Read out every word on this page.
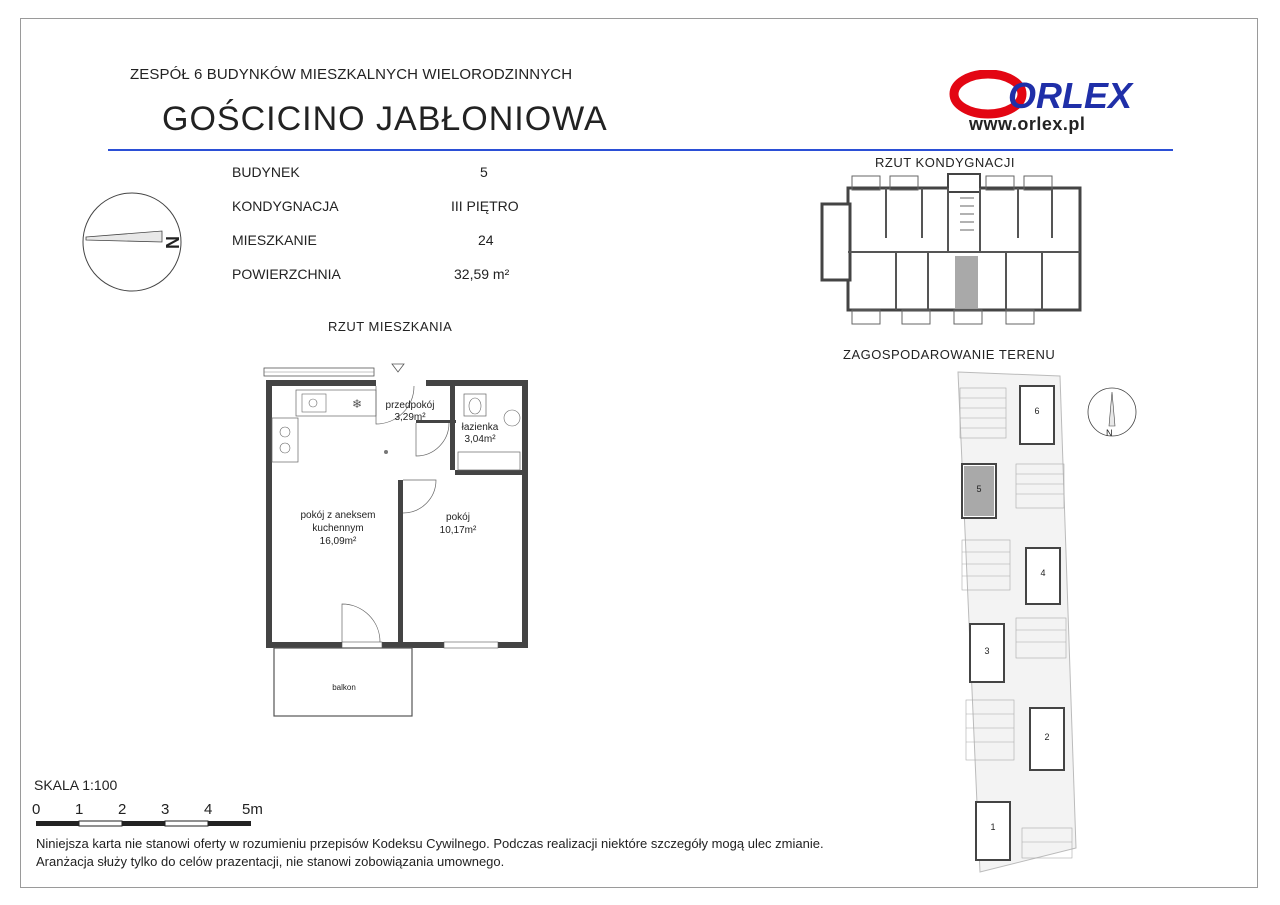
ZESPÓŁ 6 BUDYNKÓW MIESZKALNYCH WIELORODZINNYCH
GOŚCICINO JABŁONIOWA
ORLEX
www.orlex.pl
N
BUDYNEK	5
KONDYGNACJA	III PIĘTRO
MIESZKANIE	24
POWIERZCHNIA	32,59 m²
RZUT MIESZKANIA
RZUT KONDYGNACJI
ZAGOSPODAROWANIE TERENU
❄ przedpokój
3,29m²
łazienka
3,04m²
pokój z aneksem
kuchennym
16,09m²
pokój
10,17m²
balkon
6
5
4
3
2
1
N
SKALA 1:100
0 1 2 3 4 5m
Niniejsza karta nie stanowi oferty w rozumieniu przepisów Kodeksu Cywilnego. Podczas realizacji niektóre szczegóły mogą ulec zmianie.
Aranżacja służy tylko do celów prazentacji, nie stanowi zobowiązania umownego.
